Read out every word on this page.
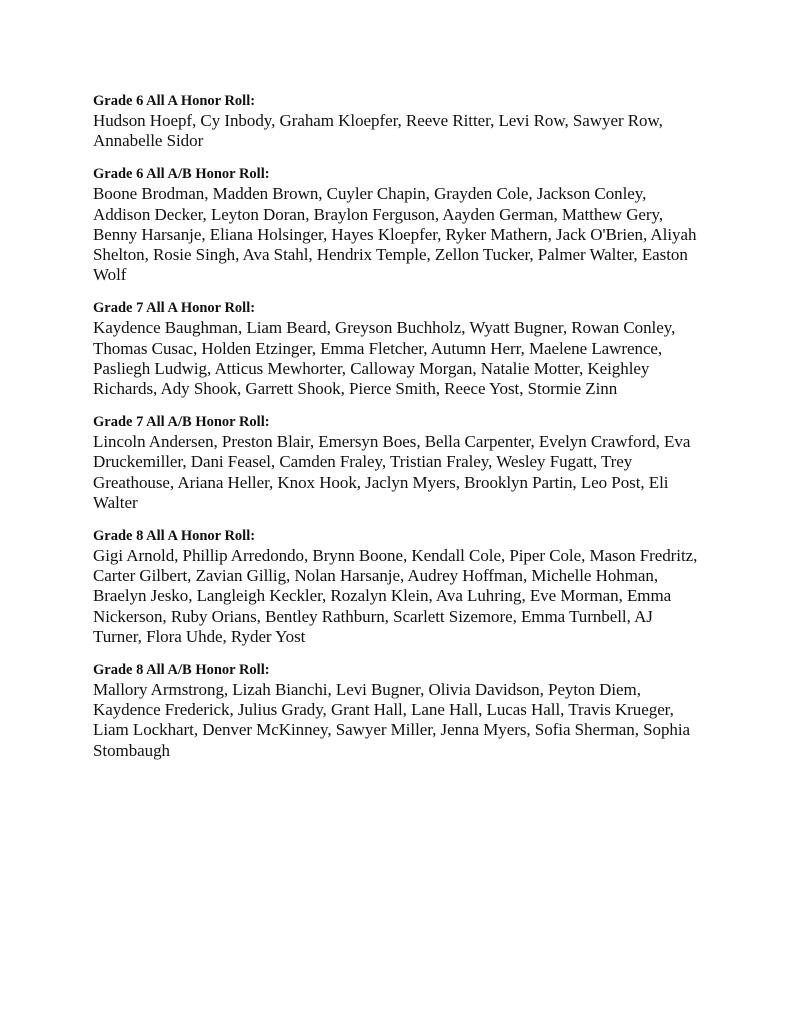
Grade 6 All A Honor Roll:

Hudson Hoepf, Cy Inbody, Graham Kloepfer, Reeve Ritter, Levi Row, Sawyer Row, Annabelle Sidor

Grade 6 All A/B Honor Roll:

Boone Brodman, Madden Brown, Cuyler Chapin, Grayden Cole, Jackson Conley, Addison Decker, Leyton Doran, Braylon Ferguson, Aayden German, Matthew Gery, Benny Harsanje, Eliana Holsinger, Hayes Kloepfer, Ryker Mathern, Jack O'Brien, Aliyah Shelton, Rosie Singh, Ava Stahl, Hendrix Temple, Zellon Tucker, Palmer Walter, Easton Wolf

Grade 7 All A Honor Roll:

Kaydence Baughman, Liam Beard, Greyson Buchholz, Wyatt Bugner, Rowan Conley, Thomas Cusac, Holden Etzinger, Emma Fletcher, Autumn Herr, Maelene Lawrence, Pasliegh Ludwig, Atticus Mewhorter, Calloway Morgan, Natalie Motter, Keighley Richards, Ady Shook, Garrett Shook, Pierce Smith, Reece Yost, Stormie Zinn

Grade 7 All A/B Honor Roll:

Lincoln Andersen, Preston Blair, Emersyn Boes, Bella Carpenter, Evelyn Crawford, Eva Druckemiller, Dani Feasel, Camden Fraley, Tristian Fraley, Wesley Fugatt, Trey Greathouse, Ariana Heller, Knox Hook, Jaclyn Myers, Brooklyn Partin, Leo Post, Eli Walter

Grade 8 All A Honor Roll:

Gigi Arnold, Phillip Arredondo, Brynn Boone, Kendall Cole, Piper Cole, Mason Fredritz, Carter Gilbert, Zavian Gillig, Nolan Harsanje, Audrey Hoffman, Michelle Hohman, Braelyn Jesko, Langleigh Keckler, Rozalyn Klein, Ava Luhring, Eve Morman, Emma Nickerson, Ruby Orians, Bentley Rathburn, Scarlett Sizemore, Emma Turnbell, AJ Turner, Flora Uhde, Ryder Yost

Grade 8 All A/B Honor Roll:

Mallory Armstrong, Lizah Bianchi, Levi Bugner, Olivia Davidson, Peyton Diem, Kaydence Frederick, Julius Grady, Grant Hall, Lane Hall, Lucas Hall, Travis Krueger, Liam Lockhart, Denver McKinney, Sawyer Miller, Jenna Myers, Sofia Sherman, Sophia Stombaugh
